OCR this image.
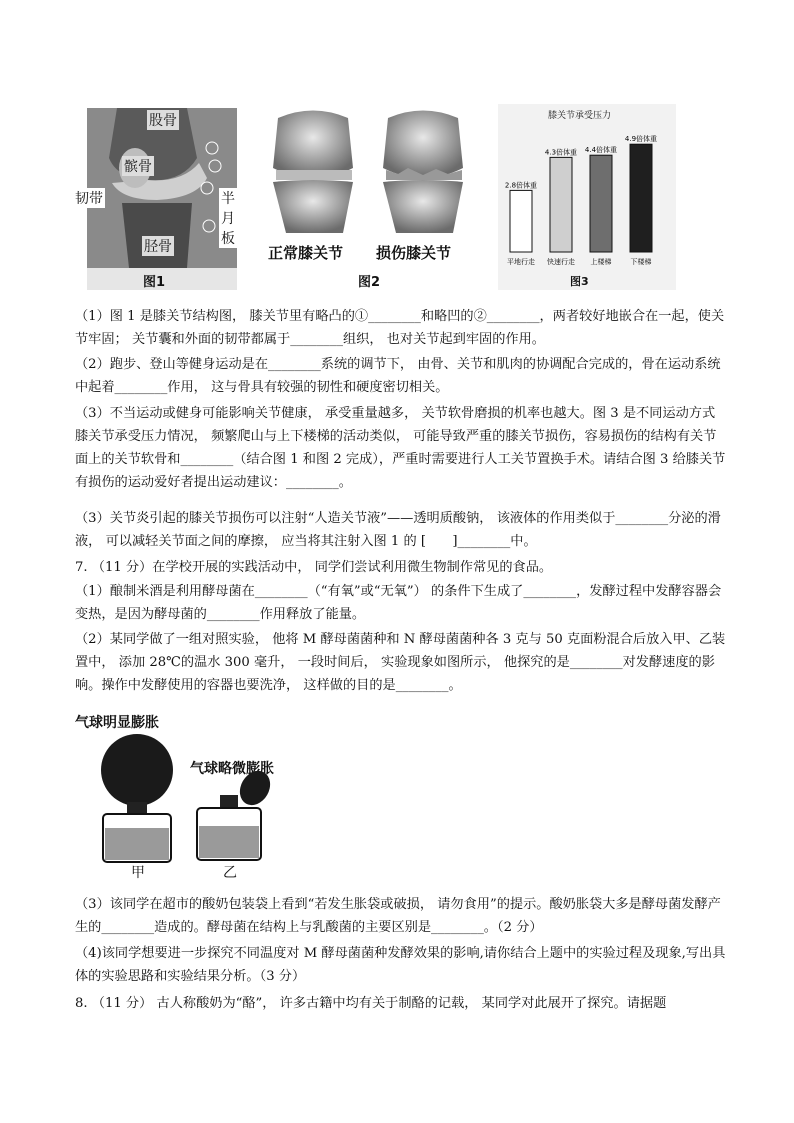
股骨
髌骨
韧带	半月板
胫骨
图1
正常膝关节 损伤膝关节
图2
膝关节承受压力
2.8倍体重
平地行走
4.3倍体重
快速行走
4.4倍体重
上楼梯
4.9倍体重
下楼梯
图3
（1）图 1 是膝关节结构图， 膝关节里有略凸的①________和略凹的②________，两者较好地嵌合在一起，使关节牢固； 关节囊和外面的韧带都属于________组织， 也对关节起到牢固的作用。
（2）跑步、登山等健身运动是在________系统的调节下， 由骨、关节和肌肉的协调配合完成的，骨在运动系统中起着________作用， 这与骨具有较强的韧性和硬度密切相关。
（3）不当运动或健身可能影响关节健康， 承受重量越多， 关节软骨磨损的机率也越大。图 3 是不同运动方式膝关节承受压力情况， 频繁爬山与上下楼梯的活动类似， 可能导致严重的膝关节损伤，容易损伤的结构有关节面上的关节软骨和________（结合图 1 和图 2 完成），严重时需要进行人工关节置换手术。请结合图 3 给膝关节有损伤的运动爱好者提出运动建议：________。
（3）关节炎引起的膝关节损伤可以注射“人造关节液”——透明质酸钠， 该液体的作用类似于________分泌的滑液， 可以减轻关节面之间的摩擦， 应当将其注射入图 1 的 [　　]________中。
7. （11 分）在学校开展的实践活动中， 同学们尝试利用微生物制作常见的食品。
（1）酿制米酒是利用酵母菌在________（“有氧”或“无氧”） 的条件下生成了________，发酵过程中发酵容器会变热，是因为酵母菌的________作用释放了能量。
（2）某同学做了一组对照实验， 他将 M 酵母菌菌种和 N 酵母菌菌种各 3 克与 50 克面粉混合后放入甲、乙装置中， 添加 28℃的温水 300 毫升， 一段时间后， 实验现象如图所示， 他探究的是________对发酵速度的影响。操作中发酵使用的容器也要洗净， 这样做的目的是________。
气球明显膨胀
气球略微膨胀
甲	乙
（3）该同学在超市的酸奶包装袋上看到“若发生胀袋或破损， 请勿食用”的提示。酸奶胀袋大多是酵母菌发酵产生的________造成的。酵母菌在结构上与乳酸菌的主要区别是________。（2 分）
（4)该同学想要进一步探究不同温度对 M 酵母菌菌种发酵效果的影响,请你结合上题中的实验过程及现象,写出具体的实验思路和实验结果分析。（3 分）
8. （11 分） 古人称酸奶为“酪”， 许多古籍中均有关于制酪的记载， 某同学对此展开了探究。请据题
